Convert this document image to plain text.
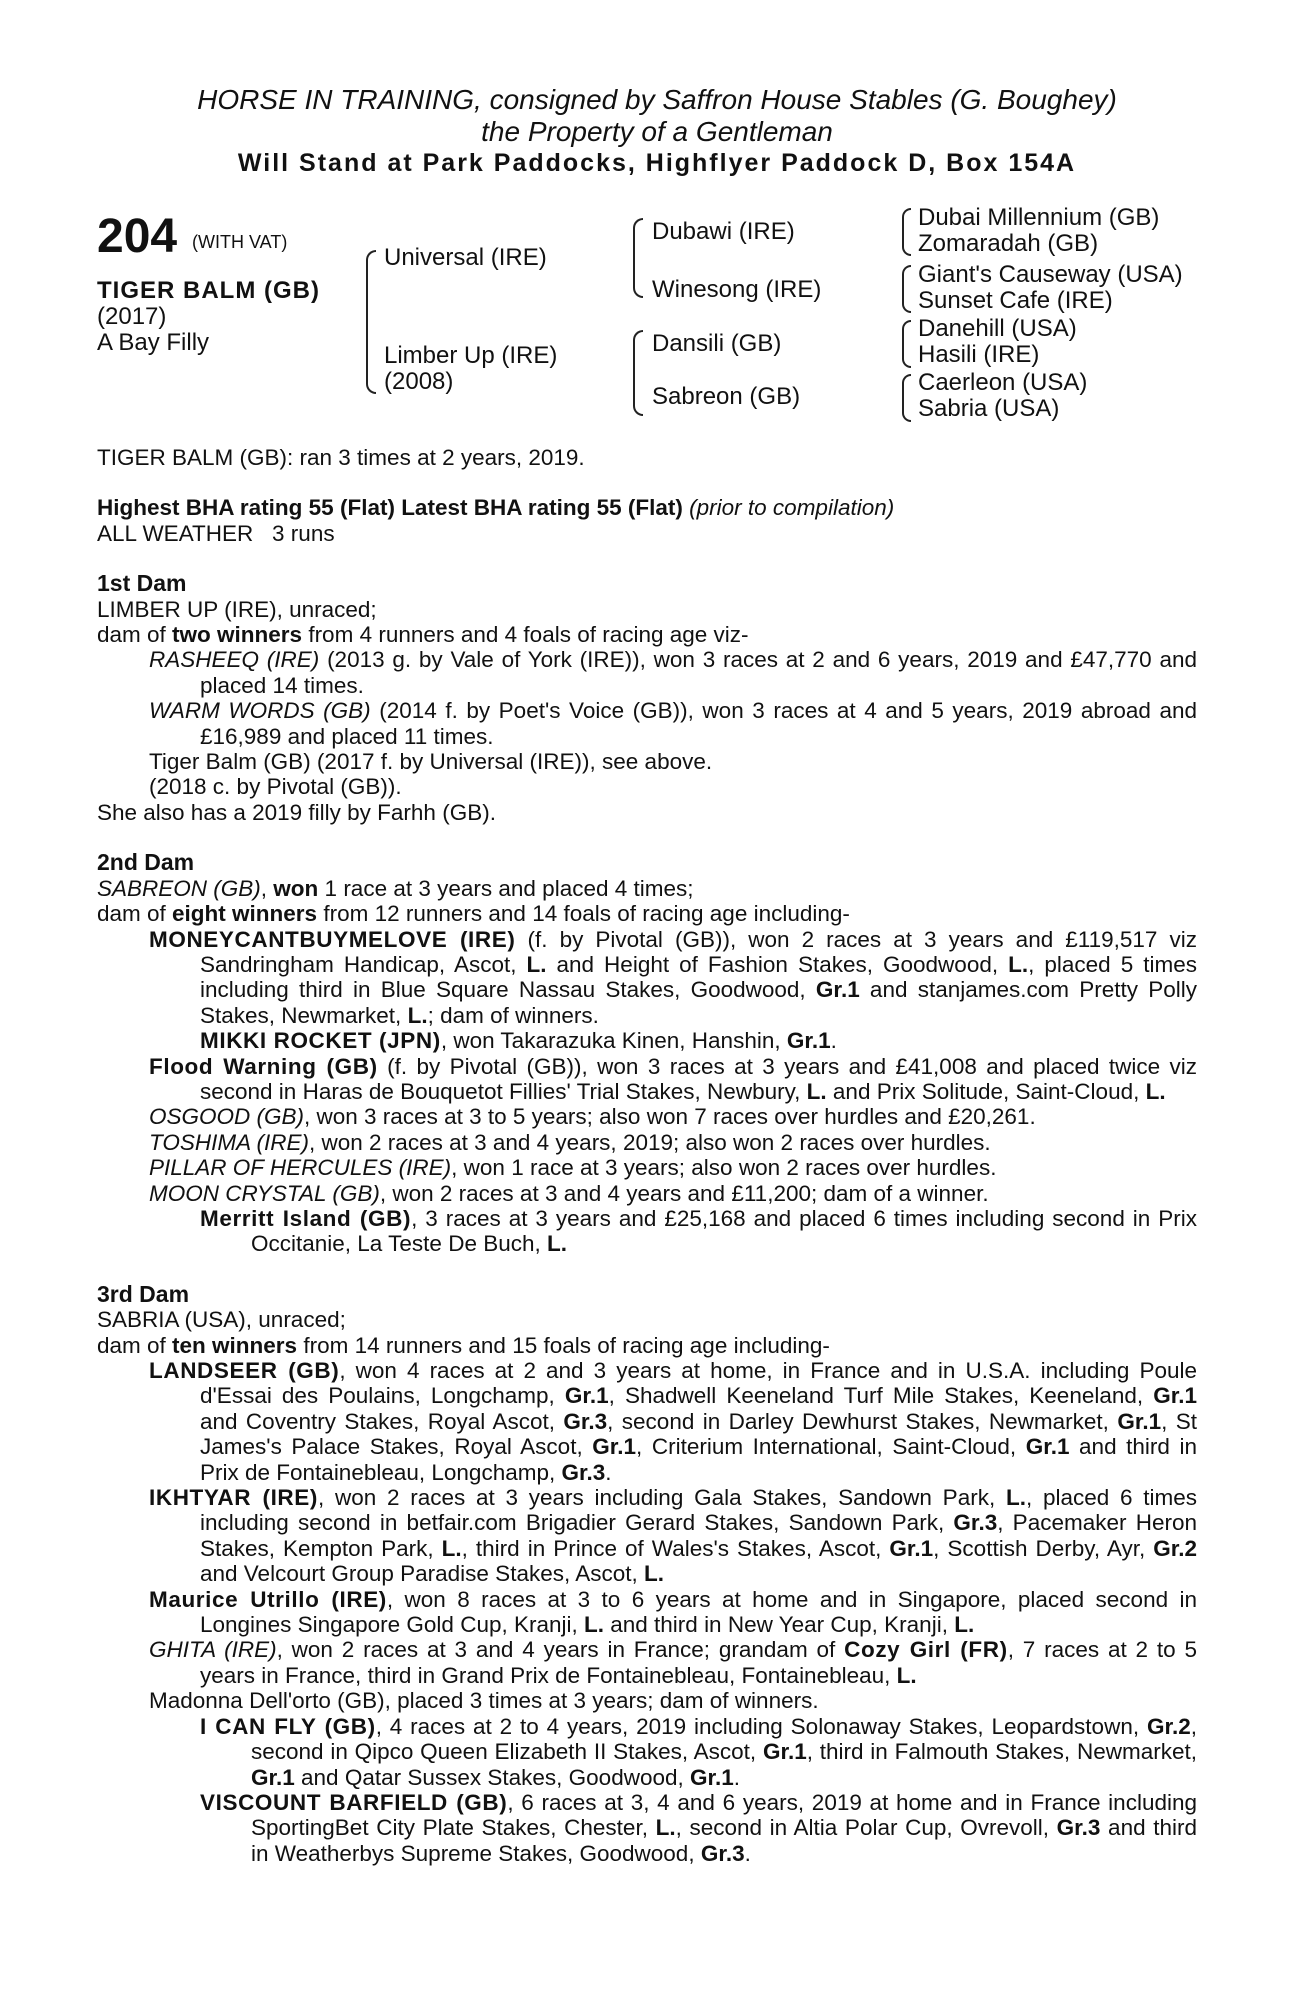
HORSE IN TRAINING, consigned by Saffron House Stables (G. Boughey)
the Property of a Gentleman
Will Stand at Park Paddocks, Highflyer Paddock D, Box 154A
204 (WITH VAT)
TIGER BALM (GB)
(2017)
A Bay Filly
Universal (IRE)
Limber Up (IRE)
(2008)
Dubawi (IRE)
Winesong (IRE)
Dansili (GB)
Sabreon (GB)
Dubai Millennium (GB)
Zomaradah (GB)
Giant's Causeway (USA)
Sunset Cafe (IRE)
Danehill (USA)
Hasili (IRE)
Caerleon (USA)
Sabria (USA)

TIGER BALM (GB): ran 3 times at 2 years, 2019.

Highest BHA rating 55 (Flat) Latest BHA rating 55 (Flat) (prior to compilation)

ALL WEATHER 3 runs

1st Dam

LIMBER UP (IRE), unraced;

dam of two winners from 4 runners and 4 foals of racing age viz-

RASHEEQ (IRE) (2013 g. by Vale of York (IRE)), won 3 races at 2 and 6 years, 2019 and £47,770 and placed 14 times.

WARM WORDS (GB) (2014 f. by Poet's Voice (GB)), won 3 races at 4 and 5 years, 2019 abroad and £16,989 and placed 11 times.

Tiger Balm (GB) (2017 f. by Universal (IRE)), see above.

(2018 c. by Pivotal (GB)).

She also has a 2019 filly by Farhh (GB).

2nd Dam

SABREON (GB), won 1 race at 3 years and placed 4 times;

dam of eight winners from 12 runners and 14 foals of racing age including-

MONEYCANTBUYMELOVE (IRE) (f. by Pivotal (GB)), won 2 races at 3 years and £119,517 viz Sandringham Handicap, Ascot, L. and Height of Fashion Stakes, Goodwood, L., placed 5 times including third in Blue Square Nassau Stakes, Goodwood, Gr.1 and stanjames.com Pretty Polly Stakes, Newmarket, L.; dam of winners.

MIKKI ROCKET (JPN), won Takarazuka Kinen, Hanshin, Gr.1.

Flood Warning (GB) (f. by Pivotal (GB)), won 3 races at 3 years and £41,008 and placed twice viz second in Haras de Bouquetot Fillies' Trial Stakes, Newbury, L. and Prix Solitude, Saint-Cloud, L.

OSGOOD (GB), won 3 races at 3 to 5 years; also won 7 races over hurdles and £20,261.

TOSHIMA (IRE), won 2 races at 3 and 4 years, 2019; also won 2 races over hurdles.

PILLAR OF HERCULES (IRE), won 1 race at 3 years; also won 2 races over hurdles.

MOON CRYSTAL (GB), won 2 races at 3 and 4 years and £11,200; dam of a winner.

Merritt Island (GB), 3 races at 3 years and £25,168 and placed 6 times including second in Prix Occitanie, La Teste De Buch, L.

3rd Dam

SABRIA (USA), unraced;

dam of ten winners from 14 runners and 15 foals of racing age including-

LANDSEER (GB), won 4 races at 2 and 3 years at home, in France and in U.S.A. including Poule d'Essai des Poulains, Longchamp, Gr.1, Shadwell Keeneland Turf Mile Stakes, Keeneland, Gr.1 and Coventry Stakes, Royal Ascot, Gr.3, second in Darley Dewhurst Stakes, Newmarket, Gr.1, St James's Palace Stakes, Royal Ascot, Gr.1, Criterium International, Saint-Cloud, Gr.1 and third in Prix de Fontainebleau, Longchamp, Gr.3.

IKHTYAR (IRE), won 2 races at 3 years including Gala Stakes, Sandown Park, L., placed 6 times including second in betfair.com Brigadier Gerard Stakes, Sandown Park, Gr.3, Pacemaker Heron Stakes, Kempton Park, L., third in Prince of Wales's Stakes, Ascot, Gr.1, Scottish Derby, Ayr, Gr.2 and Velcourt Group Paradise Stakes, Ascot, L.

Maurice Utrillo (IRE), won 8 races at 3 to 6 years at home and in Singapore, placed second in Longines Singapore Gold Cup, Kranji, L. and third in New Year Cup, Kranji, L.

GHITA (IRE), won 2 races at 3 and 4 years in France; grandam of Cozy Girl (FR), 7 races at 2 to 5 years in France, third in Grand Prix de Fontainebleau, Fontainebleau, L.

Madonna Dell'orto (GB), placed 3 times at 3 years; dam of winners.

I CAN FLY (GB), 4 races at 2 to 4 years, 2019 including Solonaway Stakes, Leopardstown, Gr.2, second in Qipco Queen Elizabeth II Stakes, Ascot, Gr.1, third in Falmouth Stakes, Newmarket, Gr.1 and Qatar Sussex Stakes, Goodwood, Gr.1.

VISCOUNT BARFIELD (GB), 6 races at 3, 4 and 6 years, 2019 at home and in France including SportingBet City Plate Stakes, Chester, L., second in Altia Polar Cup, Ovrevoll, Gr.3 and third in Weatherbys Supreme Stakes, Goodwood, Gr.3.
